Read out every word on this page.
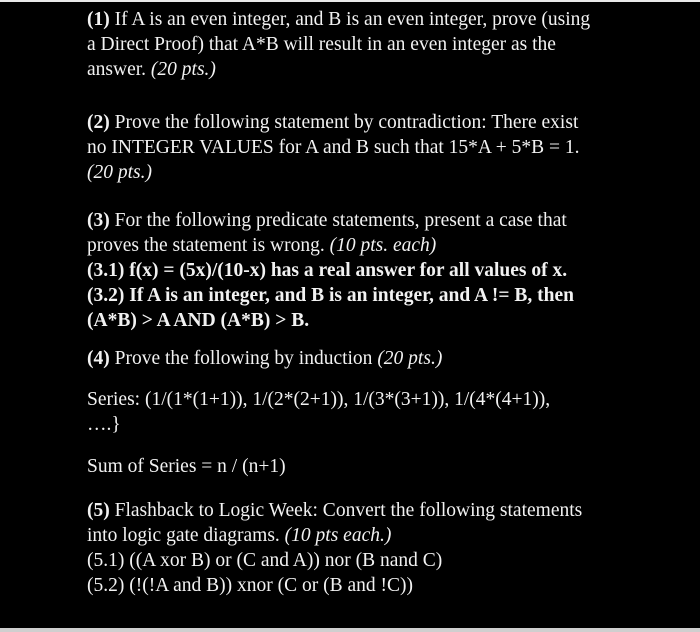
(1) If A is an even integer, and B is an even integer, prove (using
a Direct Proof) that A*B will result in an even integer as the
answer. (20 pts.)
(2) Prove the following statement by contradiction: There exist
no INTEGER VALUES for A and B such that 15*A + 5*B = 1.
(20 pts.)
(3) For the following predicate statements, present a case that
proves the statement is wrong. (10 pts. each)
(3.1) f(x) = (5x)/(10-x) has a real answer for all values of x.
(3.2) If A is an integer, and B is an integer, and A != B, then
(A*B) > A AND (A*B) > B.
(4) Prove the following by induction (20 pts.)
Series: (1/(1*(1+1)), 1/(2*(2+1)), 1/(3*(3+1)), 1/(4*(4+1)),
….}
Sum of Series = n / (n+1)
(5) Flashback to Logic Week: Convert the following statements
into logic gate diagrams. (10 pts each.)
(5.1) ((A xor B) or (C and A)) nor (B nand C)
(5.2) (!(!A and B)) xnor (C or (B and !C))
